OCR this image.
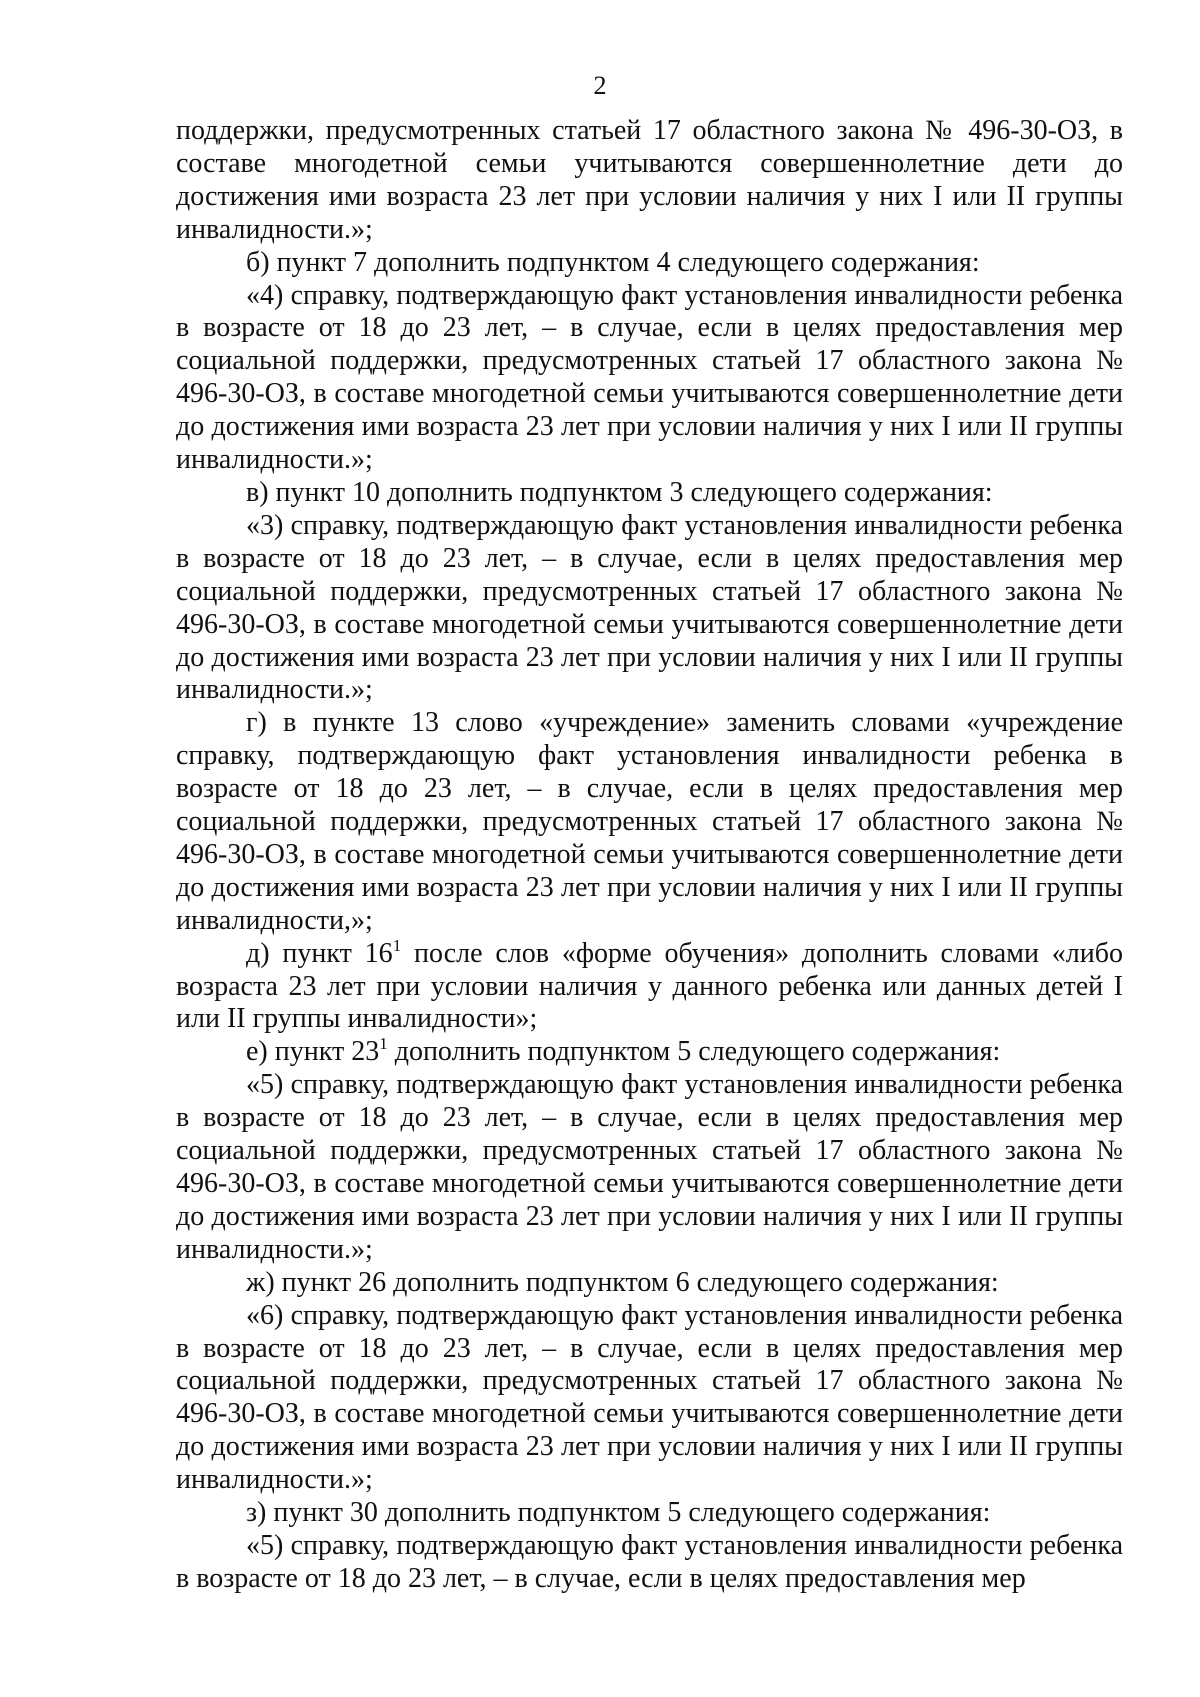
2

поддержки, предусмотренных статьей 17 областного закона № 496-30-ОЗ, в составе многодетной семьи учитываются совершеннолетние дети до достижения ими возраста 23 лет при условии наличия у них I или II группы инвалидности.»;

б) пункт 7 дополнить подпунктом 4 следующего содержания:

«4) справку, подтверждающую факт установления инвалидности ребенка в возрасте от 18 до 23 лет, – в случае, если в целях предоставления мер социальной поддержки, предусмотренных статьей 17 областного закона № 496-30-ОЗ, в составе многодетной семьи учитываются совершеннолетние дети до достижения ими возраста 23 лет при условии наличия у них I или II группы инвалидности.»;

в) пункт 10 дополнить подпунктом 3 следующего содержания:

«3) справку, подтверждающую факт установления инвалидности ребенка в возрасте от 18 до 23 лет, – в случае, если в целях предоставления мер социальной поддержки, предусмотренных статьей 17 областного закона № 496-30-ОЗ, в составе многодетной семьи учитываются совершеннолетние дети до достижения ими возраста 23 лет при условии наличия у них I или II группы инвалидности.»;

г) в пункте 13 слово «учреждение» заменить словами «учреждение справку, подтверждающую факт установления инвалидности ребенка в возрасте от 18 до 23 лет, – в случае, если в целях предоставления мер социальной поддержки, предусмотренных статьей 17 областного закона № 496-30-ОЗ, в составе многодетной семьи учитываются совершеннолетние дети до достижения ими возраста 23 лет при условии наличия у них I или II группы инвалидности,»;

д) пункт $16^1$ после слов «форме обучения» дополнить словами «либо возраста 23 лет при условии наличия у данного ребенка или данных детей I или II группы инвалидности»;

е) пункт $23^1$ дополнить подпунктом 5 следующего содержания:

«5) справку, подтверждающую факт установления инвалидности ребенка в возрасте от 18 до 23 лет, – в случае, если в целях предоставления мер социальной поддержки, предусмотренных статьей 17 областного закона № 496-30-ОЗ, в составе многодетной семьи учитываются совершеннолетние дети до достижения ими возраста 23 лет при условии наличия у них I или II группы инвалидности.»;

ж) пункт 26 дополнить подпунктом 6 следующего содержания:

«6) справку, подтверждающую факт установления инвалидности ребенка в возрасте от 18 до 23 лет, – в случае, если в целях предоставления мер социальной поддержки, предусмотренных статьей 17 областного закона № 496-30-ОЗ, в составе многодетной семьи учитываются совершеннолетние дети до достижения ими возраста 23 лет при условии наличия у них I или II группы инвалидности.»;

з) пункт 30 дополнить подпунктом 5 следующего содержания:

«5) справку, подтверждающую факт установления инвалидности ребенка в возрасте от 18 до 23 лет, – в случае, если в целях предоставления мер
